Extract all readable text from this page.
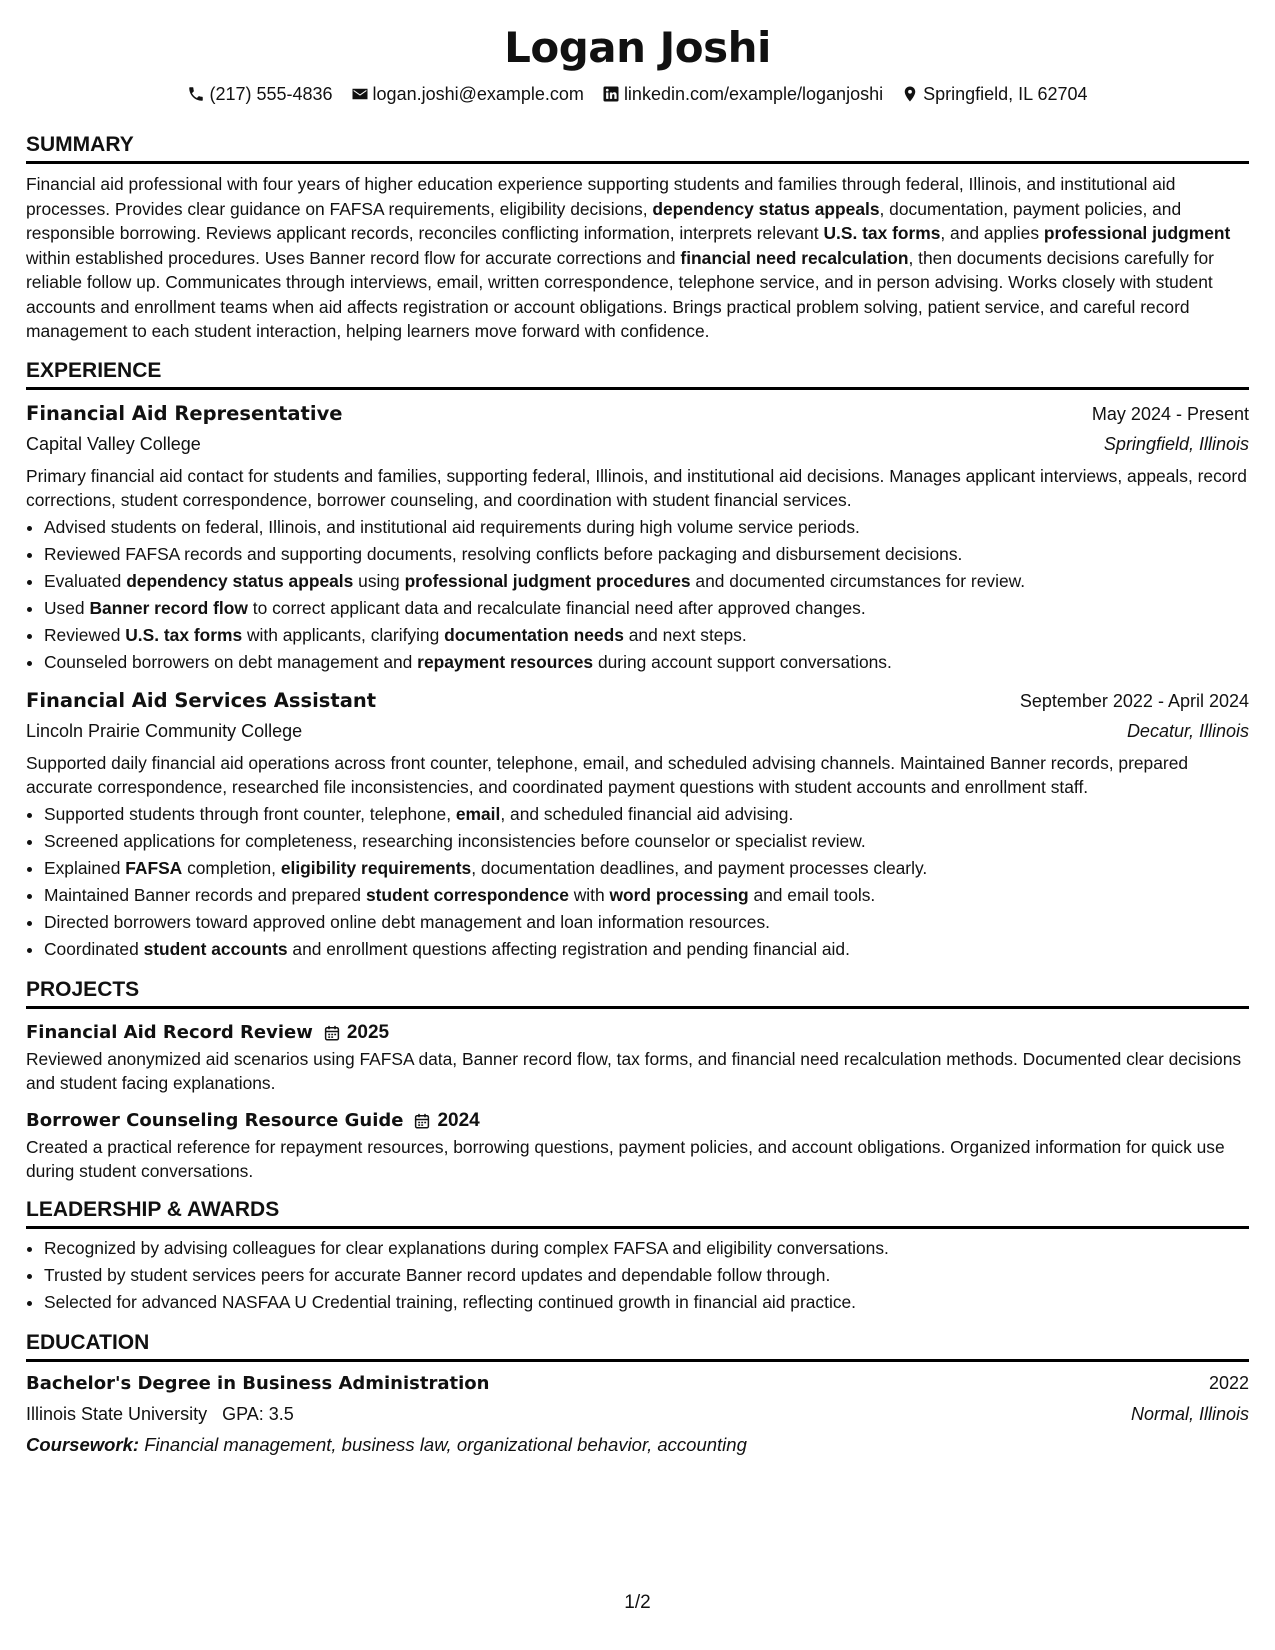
Logan Joshi
(217) 555-4836 logan.joshi@example.com linkedin.com/example/loganjoshi Springfield, IL 62704
SUMMARY
Financial aid professional with four years of higher education experience supporting students and families through federal, Illinois, and institutional aid processes. Provides clear guidance on FAFSA requirements, eligibility decisions, dependency status appeals, documentation, payment policies, and responsible borrowing. Reviews applicant records, reconciles conflicting information, interprets relevant U.S. tax forms, and applies professional judgment within established procedures. Uses Banner record flow for accurate corrections and financial need recalculation, then documents decisions carefully for reliable follow up. Communicates through interviews, email, written correspondence, telephone service, and in person advising. Works closely with student accounts and enrollment teams when aid affects registration or account obligations. Brings practical problem solving, patient service, and careful record management to each student interaction, helping learners move forward with confidence.
EXPERIENCE
Financial Aid Representative	May 2024 - Present
Capital Valley College	Springfield, Illinois
Primary financial aid contact for students and families, supporting federal, Illinois, and institutional aid decisions. Manages applicant interviews, appeals, record corrections, student correspondence, borrower counseling, and coordination with student financial services.
• Advised students on federal, Illinois, and institutional aid requirements during high volume service periods.
• Reviewed FAFSA records and supporting documents, resolving conflicts before packaging and disbursement decisions.
• Evaluated dependency status appeals using professional judgment procedures and documented circumstances for review.
• Used Banner record flow to correct applicant data and recalculate financial need after approved changes.
• Reviewed U.S. tax forms with applicants, clarifying documentation needs and next steps.
• Counseled borrowers on debt management and repayment resources during account support conversations.
Financial Aid Services Assistant	September 2022 - April 2024
Lincoln Prairie Community College	Decatur, Illinois
Supported daily financial aid operations across front counter, telephone, email, and scheduled advising channels. Maintained Banner records, prepared accurate correspondence, researched file inconsistencies, and coordinated payment questions with student accounts and enrollment staff.
• Supported students through front counter, telephone, email, and scheduled financial aid advising.
• Screened applications for completeness, researching inconsistencies before counselor or specialist review.
• Explained FAFSA completion, eligibility requirements, documentation deadlines, and payment processes clearly.
• Maintained Banner records and prepared student correspondence with word processing and email tools.
• Directed borrowers toward approved online debt management and loan information resources.
• Coordinated student accounts and enrollment questions affecting registration and pending financial aid.
PROJECTS
Financial Aid Record Review 2025
Reviewed anonymized aid scenarios using FAFSA data, Banner record flow, tax forms, and financial need recalculation methods. Documented clear decisions and student facing explanations.
Borrower Counseling Resource Guide 2024
Created a practical reference for repayment resources, borrowing questions, payment policies, and account obligations. Organized information for quick use during student conversations.
LEADERSHIP & AWARDS
• Recognized by advising colleagues for clear explanations during complex FAFSA and eligibility conversations.
• Trusted by student services peers for accurate Banner record updates and dependable follow through.
• Selected for advanced NASFAA U Credential training, reflecting continued growth in financial aid practice.
EDUCATION
Bachelor's Degree in Business Administration	2022
Illinois State University GPA: 3.5	Normal, Illinois
Coursework: Financial management, business law, organizational behavior, accounting
1/2
